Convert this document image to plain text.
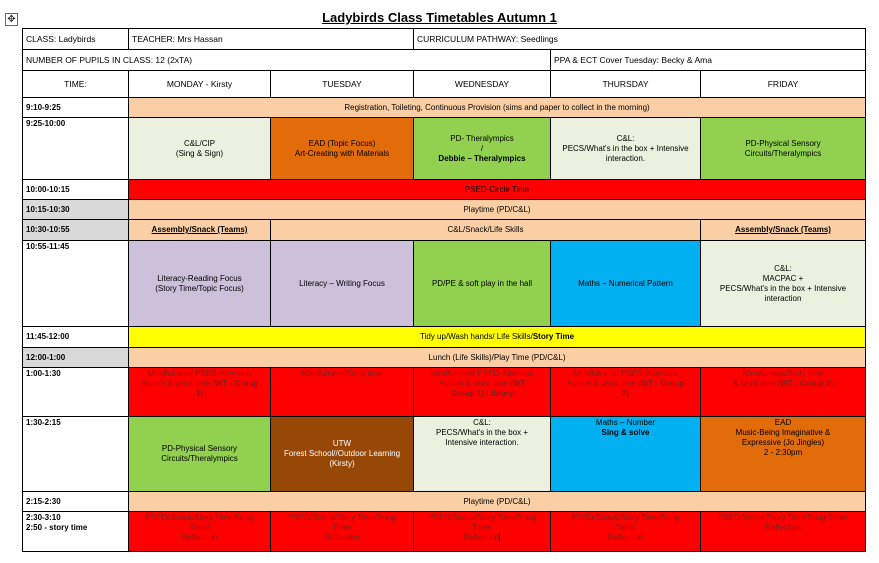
✥	Ladybirds Class Timetables Autumn 1
CLASS: Ladybirds	TEACHER: Mrs Hassan		CURRICULUM PATHWAY: Seedlings		
NUMBER OF PUPILS IN CLASS: 12 (2xTA)				PPA & ECT Cover Tuesday: Becky & Ama	
TIME:	MONDAY - Kirsty	TUESDAY	WEDNESDAY	THURSDAY	FRIDAY
9:10-9:25	Registration, Toileting, Continuous Provision (sims and paper to collect in the morning)				
9:25-10:00	C&L/CIP
(Sing & Sign)	EAD (Topic Focus)
Art-Creating with Materials	PD- Theralympics
/
Debbie – Theralympics	C&L:
PECS/What's in the box + Intensive
interaction.	PD-Physical Sensory
Circuits/Theralympics
10:00-10:15	PSED-Circle Time				
10:15-10:30	Playtime (PD/C&L)				
10:30-10:55	Assembly/Snack (Teams)	C&L/Snack/Life Skills			Assembly/Snack (Teams)
10:55-11:45	Literacy-Reading Focus
(Story Time/Topic Focus)	Literacy – Writing Focus	PD/PE & soft play in the hall	Maths – Numerical Pattern	C&L:
MACPAC +
PECS/What's in the box + Intensive
interaction
11:45-12:00	Tidy up/Wash hands/ Life Skills/Story Time				
12:00-1:00	Lunch (Life Skills)/Play Time (PD/C&L)				
1:00-1:30	Mindfulness/ PSED-Attention
Autism & word time (WT - Group
1)	Mindfulness/Story time	Mindfulness/ PSED-Attention
Autism & word time (WT
Group 1) Library	Mindfulness/ PSED-Attention
Autism & word time (WT - Group
2)	Mindfulness/Story time
& word time (WT - Group 2)
1:30-2:15	PD-Physical Sensory
Circuits/Theralympics	UTW
Forest School//Outdoor Learning
(Kirsty)	C&L:
PECS/What's in the box +
Intensive interaction.	Maths – Number
Sing & solve	EAD
Music-Being Imaginative &
Expressive (Jo Jingles)
2 - 2:30pm
2:15-2:30	Playtime (PD/C&L)				
2:30-3:10
2:50 - story time	PSED/Snack/Story Time/Song
Time/
Reflection	PSED/Snack/Story Time/Song
Time/
Reflection	PSED/Snack/Story Time/Song
Time/
Reflection	PSED/Snack/Story Time/Song
Time/
Reflection	PSED/Snack/Story Time/Song Time/
Reflection
